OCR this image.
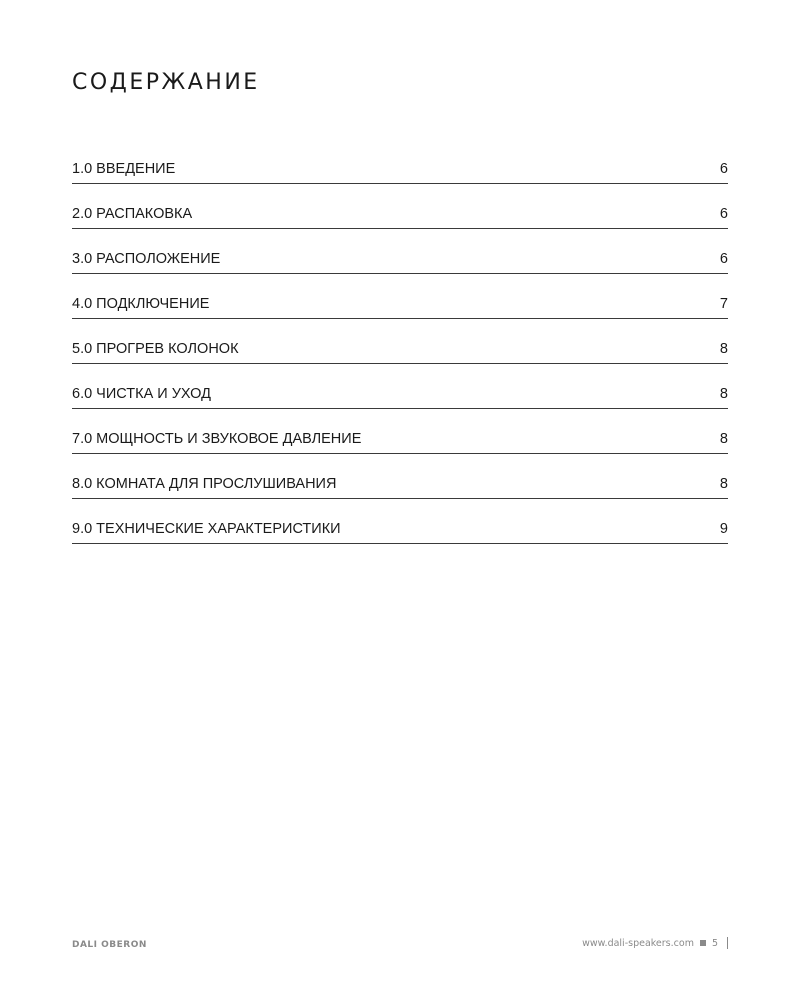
СОДЕРЖАНИЕ
1.0 ВВЕДЕНИЕ	6
2.0 РАСПАКОВКА	6
3.0 РАСПОЛОЖЕНИЕ	6
4.0 ПОДКЛЮЧЕНИЕ	7
5.0 ПРОГРЕВ КОЛОНОК	8
6.0 ЧИСТКА И УХОД	8
7.0 МОЩНОСТЬ И ЗВУКОВОЕ ДАВЛЕНИЕ	8
8.0 КОМНАТА ДЛЯ ПРОСЛУШИВАНИЯ	8
9.0 ТЕХНИЧЕСКИЕ ХАРАКТЕРИСТИКИ	9
DALI OBERON	www.dali-speakers.com 5
